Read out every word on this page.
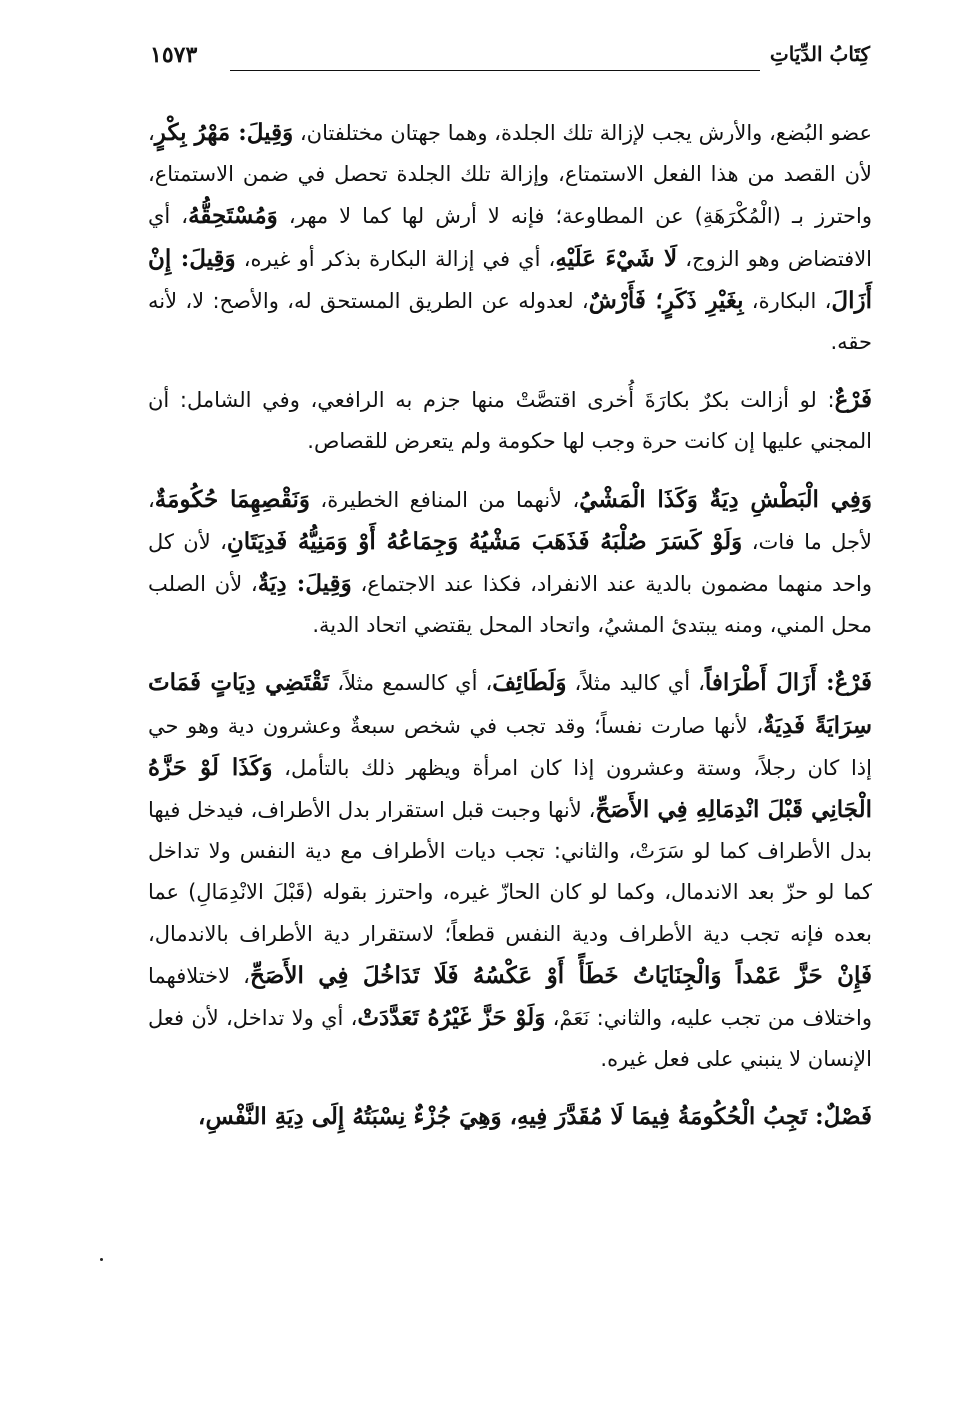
كِتَابُ الدِّيَاتِ
١٥٧٣

عضو البُضع، والأرش يجب لإزالة تلك الجلدة، وهما جهتان مختلفتان، وَقِيلَ: مَهْرُ بِكْرٍ، لأن القصد من هذا الفعل الاستمتاع، وإزالة تلك الجلدة تحصل في ضمن الاستمتاع، واحترز بـ (الْمُكْرَهَةِ) عن المطاوعة؛ فإنه لا أرش لها كما لا مهر، وَمُسْتَحِقُّهُ، أي الافتضاض وهو الزوج، لَا شَيْءَ عَلَيْهِ، أي في إزالة البكارة بذكر أو غيره، وَقِيلَ: إِنْ أَزَالَ، البكارة، بِغَيْرِ ذَكَرٍ؛ فَأَرْشٌ، لعدوله عن الطريق المستحق له، والأصح: لا، لأنه حقه.

فَرْعٌ: لو أزالت بكرٌ بكارَةَ أُخرى اقتصَّتْ منها جزم به الرافعي، وفي الشامل: أن المجني عليها إن كانت حرة وجب لها حكومة ولم يتعرض للقصاص.

وَفِي الْبَطْشِ دِيَةٌ وَكَذَا الْمَشْيُ، لأنهما من المنافع الخطيرة، وَنَقْصِهِمَا حُكُومَةٌ، لأجل ما فات، وَلَوْ كَسَرَ صُلْبَهُ فَذَهَبَ مَشْيُهُ وَجِمَاعُهُ أَوْ وَمَنِيُّهُ فَدِيَتَانِ، لأن كل واحد منهما مضمون بالدية عند الانفراد، فكذا عند الاجتماع، وَقِيلَ: دِيَةٌ، لأن الصلب محل المني، ومنه يبتدئ المشيُ، واتحاد المحل يقتضي اتحاد الدية.

فَرْعٌ: أَزَالَ أَطْرَافاً، أي كاليد مثلاً، وَلَطَائِفَ، أي كالسمع مثلاً، تَقْتَضِي دِيَاتٍ فَمَاتَ سِرَايَةً فَدِيَةٌ، لأنها صارت نفساً؛ وقد تجب في شخص سبعةٌ وعشرون دية وهو حي إذا كان رجلاً، وستة وعشرون إذا كان امرأة ويظهر ذلك بالتأمل، وَكَذَا لَوْ حَزَّهُ الْجَانِي قَبْلَ انْدِمَالِهِ فِي الأَصَحِّ، لأنها وجبت قبل استقرار بدل الأطراف، فيدخل فيها بدل الأطراف كما لو سَرَتْ، والثاني: تجب ديات الأطراف مع دية النفس ولا تداخل كما لو حزّ بعد الاندمال، وكما لو كان الحازّ غيره، واحترز بقوله (قَبْلَ الانْدِمَالِ) عما بعده فإنه تجب دية الأطراف ودية النفس قطعاً؛ لاستقرار دية الأطراف بالاندمال، فَإِنْ حَزَّ عَمْداً وَالْجِنَايَاتُ خَطَأً أَوْ عَكْسُهُ فَلَا تَدَاخُلَ فِي الأَصَحِّ، لاختلافهما واختلاف من تجب عليه، والثاني: نَعَمْ، وَلَوْ حَزَّ غَيْرُهُ تَعَدَّدَتْ، أي ولا تداخل، لأن فعل الإنسان لا ينبني على فعل غيره.

فَصْلٌ: تَجِبُ الْحُكُومَةُ فِيمَا لَا مُقَدَّرَ فِيهِ، وَهِيَ جُزْءٌ نِسْبَتُهُ إِلَى دِيَةِ النَّفْسِ،
